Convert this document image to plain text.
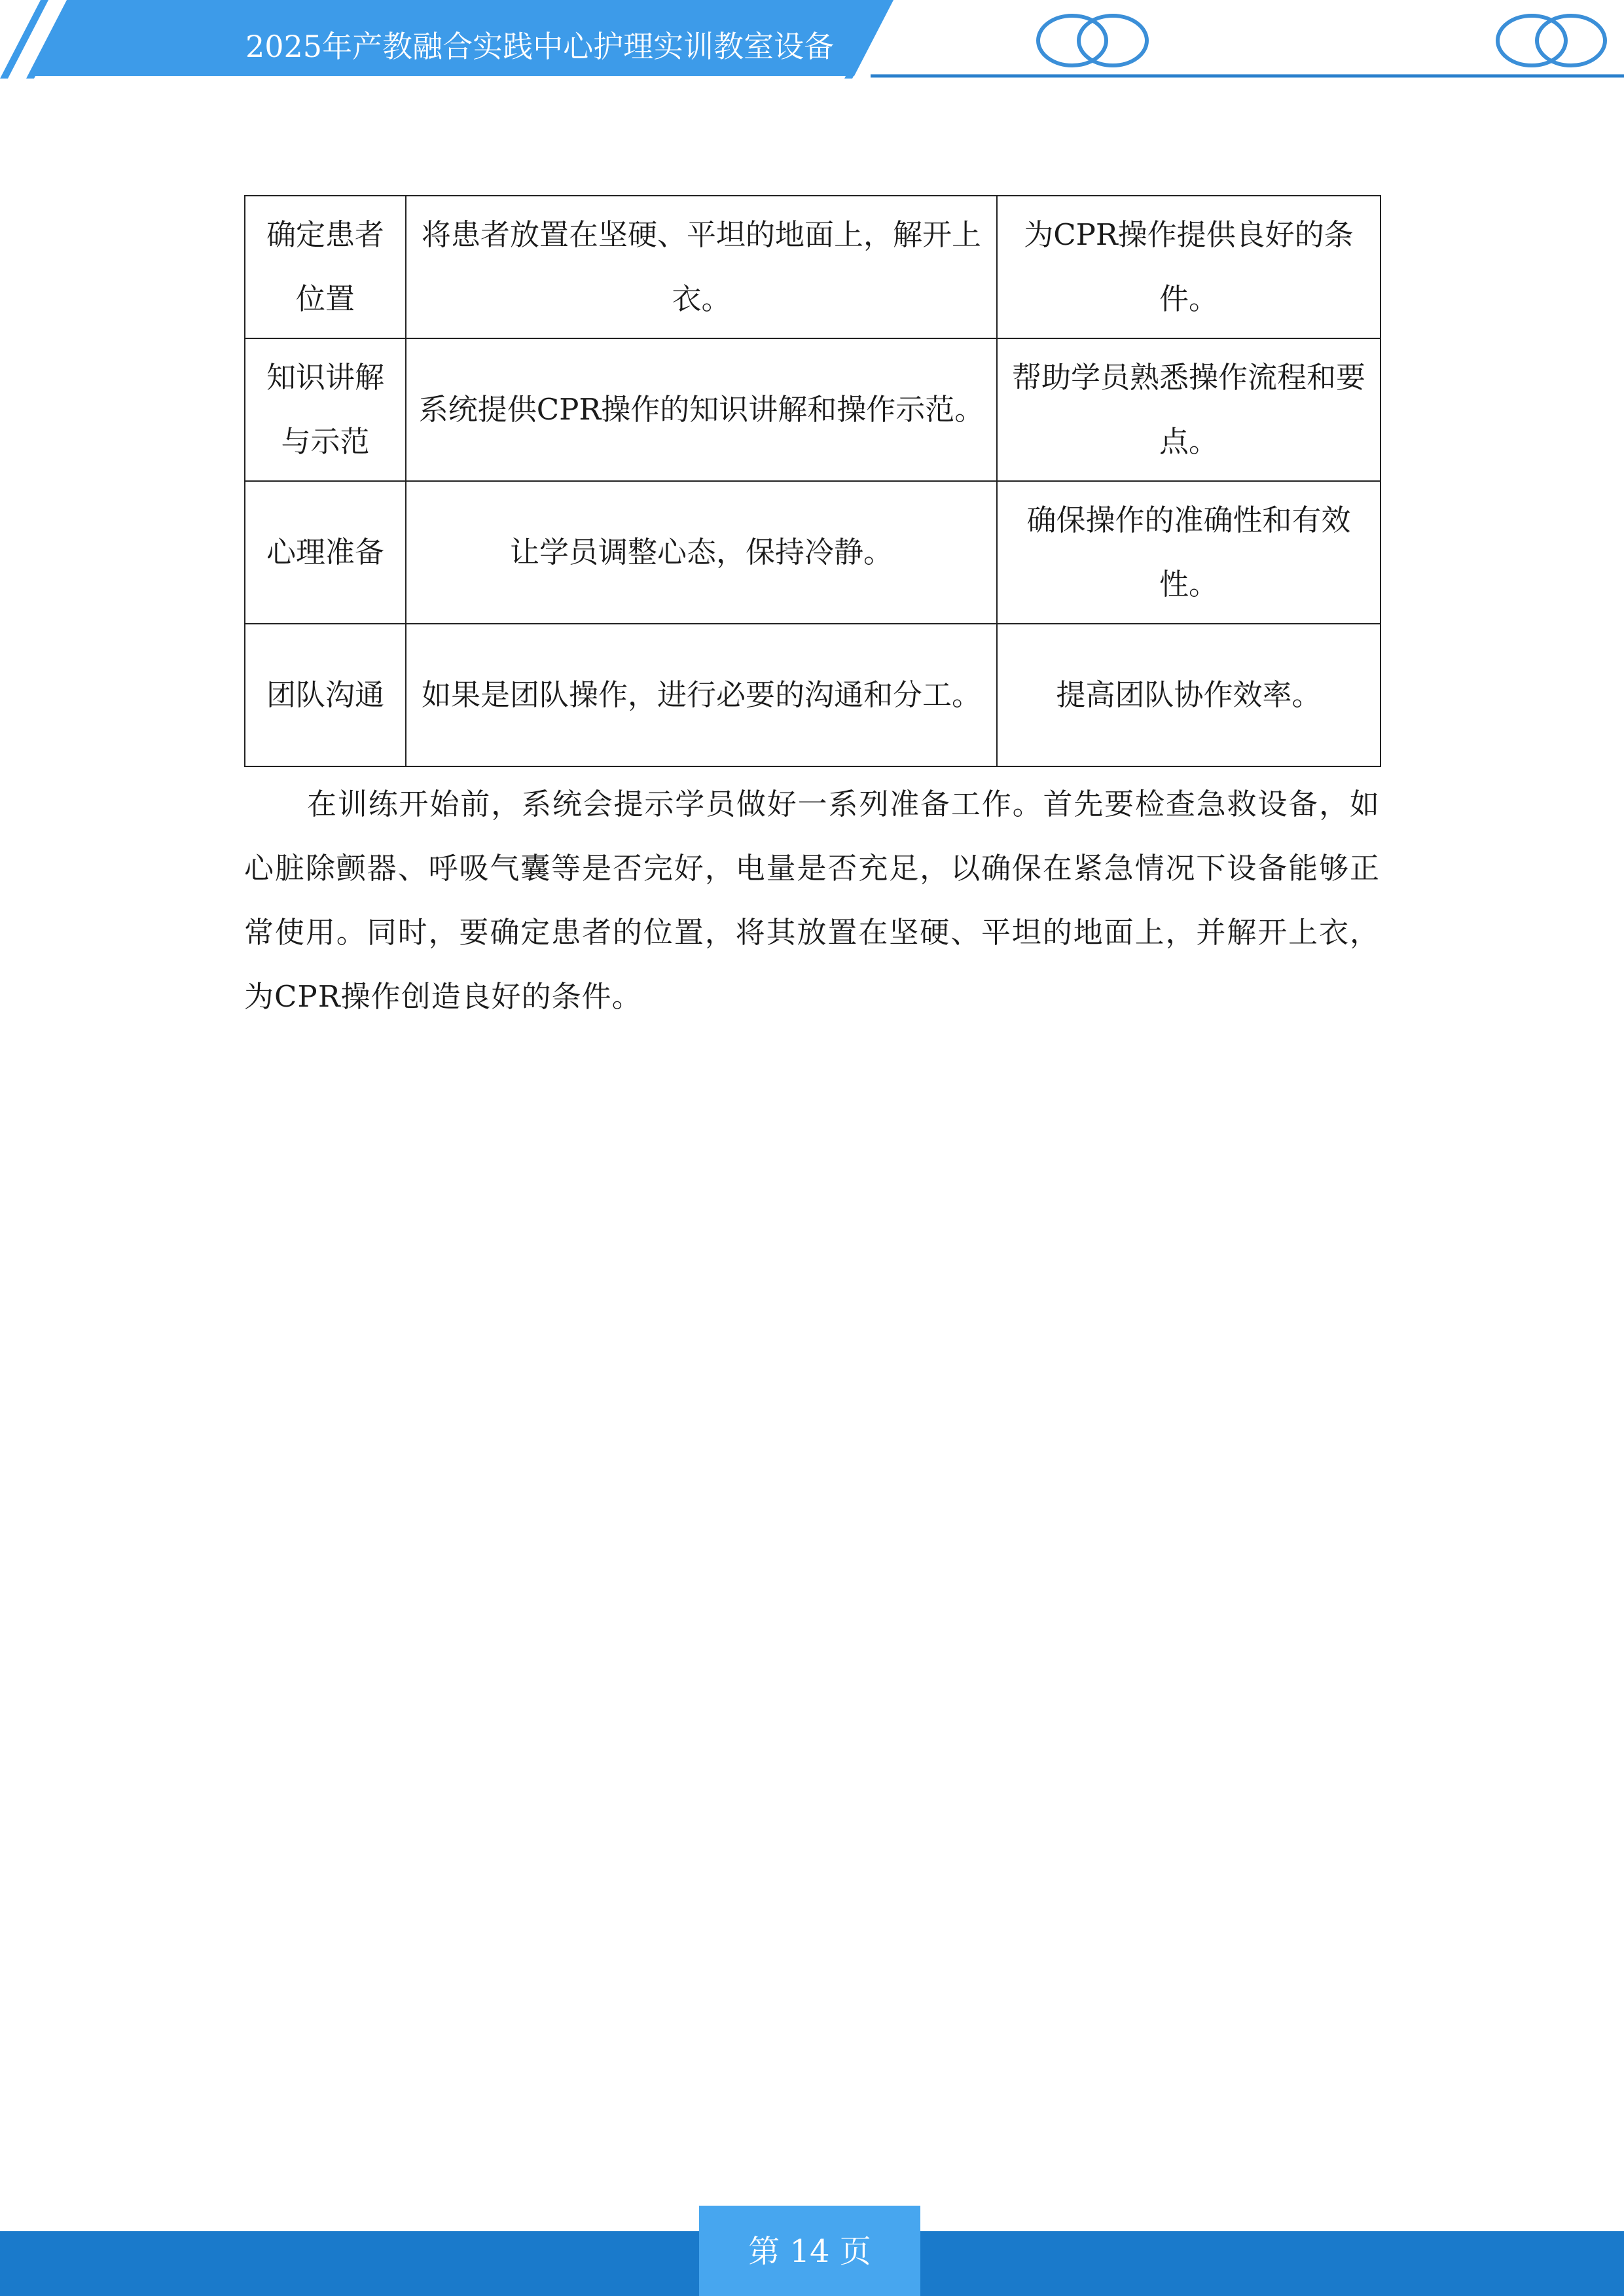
2025年产教融合实践中心护理实训教室设备
确定患者位置	将患者放置在坚硬、平坦的地面上，解开上衣。	为CPR操作提供良好的条件。
知识讲解与示范	系统提供CPR操作的知识讲解和操作示范。	帮助学员熟悉操作流程和要点。
心理准备	让学员调整心态，保持冷静。	确保操作的准确性和有效性。
团队沟通	如果是团队操作，进行必要的沟通和分工。	提高团队协作效率。

在训练开始前，系统会提示学员做好一系列准备工作。首先要检查急救设备，如心脏除颤器、呼吸气囊等是否完好，电量是否充足，以确保在紧急情况下设备能够正常使用。同时，要确定患者的位置，将其放置在坚硬、平坦的地面上，并解开上衣，为CPR操作创造良好的条件。

第 14 页
